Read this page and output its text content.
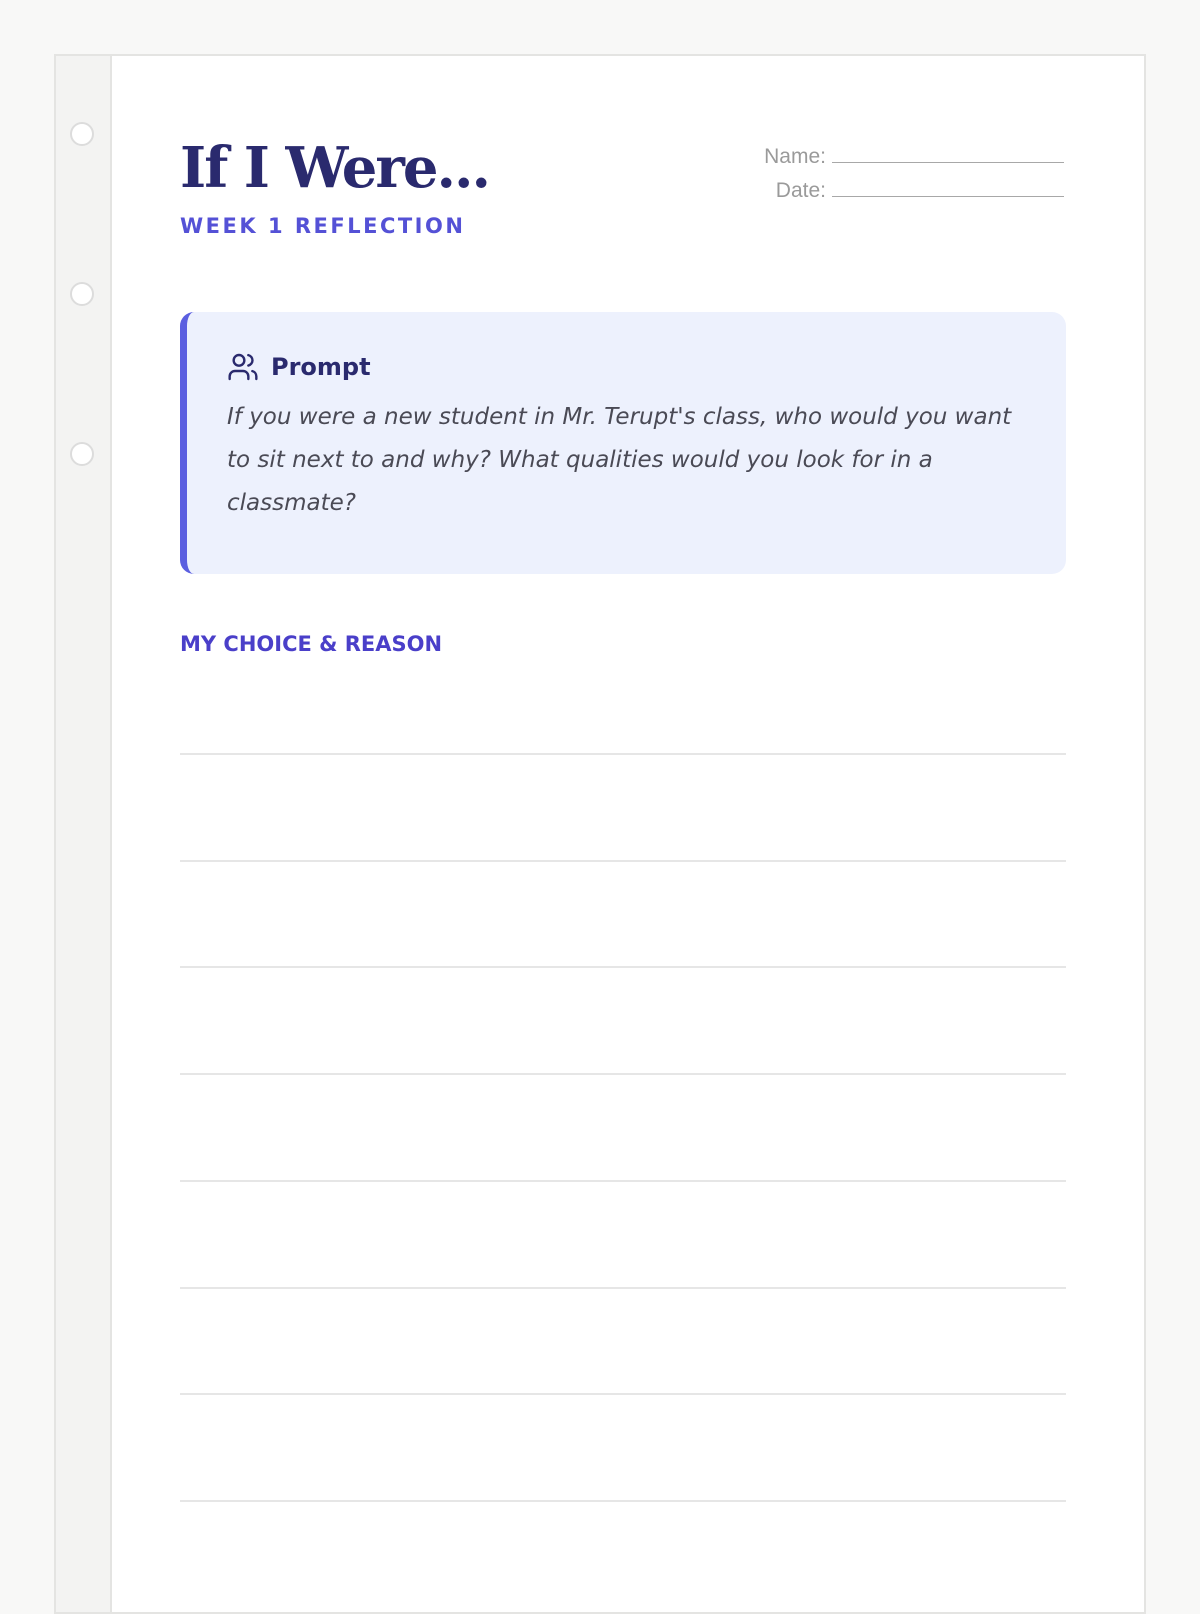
If I Were...
WEEK 1 REFLECTION
Name:
Date:
Prompt
If you were a new student in Mr. Terupt's class, who would you want to sit next to and why? What qualities would you look for in a classmate?
MY CHOICE & REASON
